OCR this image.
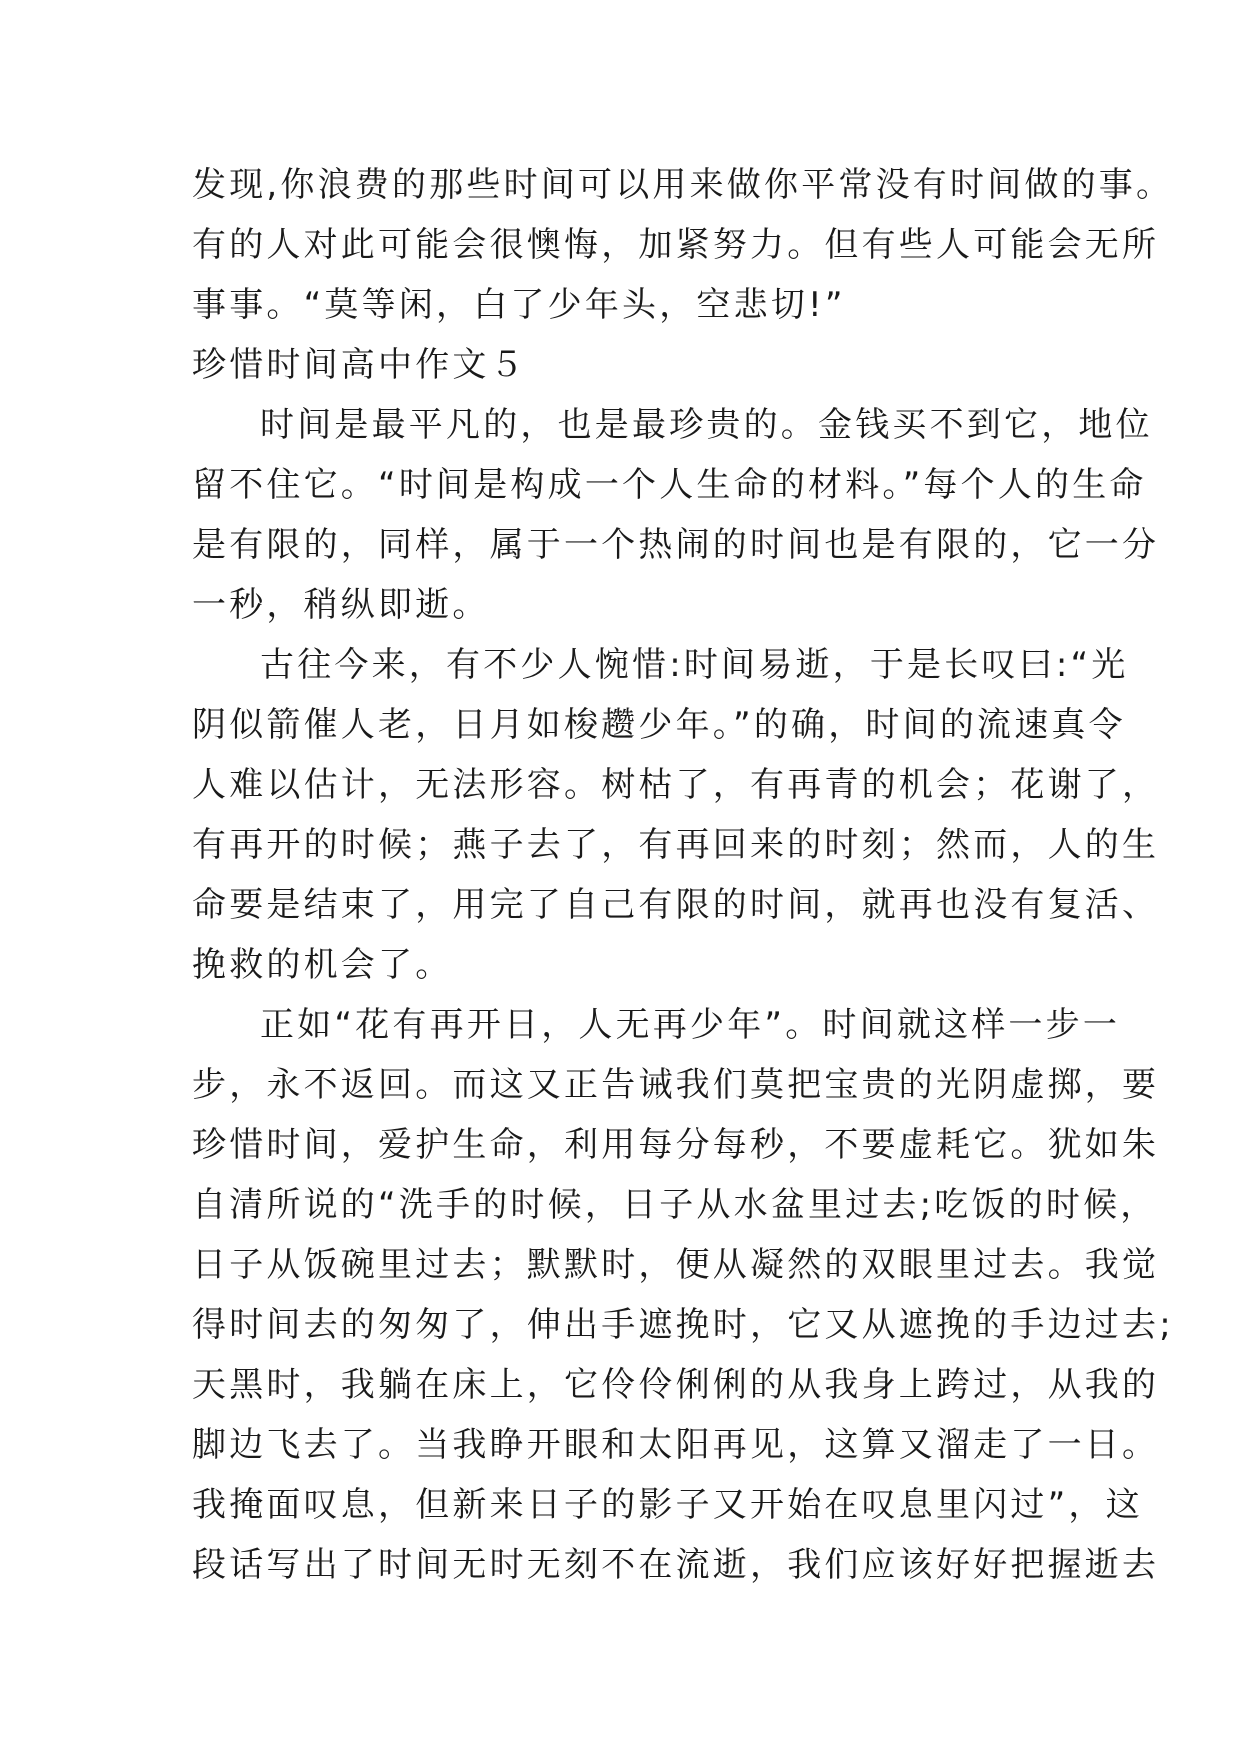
发现,你浪费的那些时间可以用来做你平常没有时间做的事。
有的人对此可能会很懊悔，加紧努力。但有些人可能会无所
事事。“莫等闲，白了少年头，空悲切!”
珍惜时间高中作文５
时间是最平凡的，也是最珍贵的。金钱买不到它，地位
留不住它。“时间是构成一个人生命的材料。”每个人的生命
是有限的，同样，属于一个热闹的时间也是有限的，它一分
一秒，稍纵即逝。
古往今来，有不少人惋惜:时间易逝，于是长叹曰:“光
阴似箭催人老，日月如梭趱少年。”的确，时间的流速真令
人难以估计，无法形容。树枯了，有再青的机会；花谢了，
有再开的时候；燕子去了，有再回来的时刻；然而，人的生
命要是结束了，用完了自己有限的时间，就再也没有复活、
挽救的机会了。
正如“花有再开日，人无再少年”。时间就这样一步一
步，永不返回。而这又正告诫我们莫把宝贵的光阴虚掷，要
珍惜时间，爱护生命，利用每分每秒，不要虚耗它。犹如朱
自清所说的“洗手的时候，日子从水盆里过去;吃饭的时候，
日子从饭碗里过去；默默时，便从凝然的双眼里过去。我觉
得时间去的匆匆了，伸出手遮挽时，它又从遮挽的手边过去;
天黑时，我躺在床上，它伶伶俐俐的从我身上跨过，从我的
脚边飞去了。当我睁开眼和太阳再见，这算又溜走了一日。
我掩面叹息，但新来日子的影子又开始在叹息里闪过”，这
段话写出了时间无时无刻不在流逝，我们应该好好把握逝去
